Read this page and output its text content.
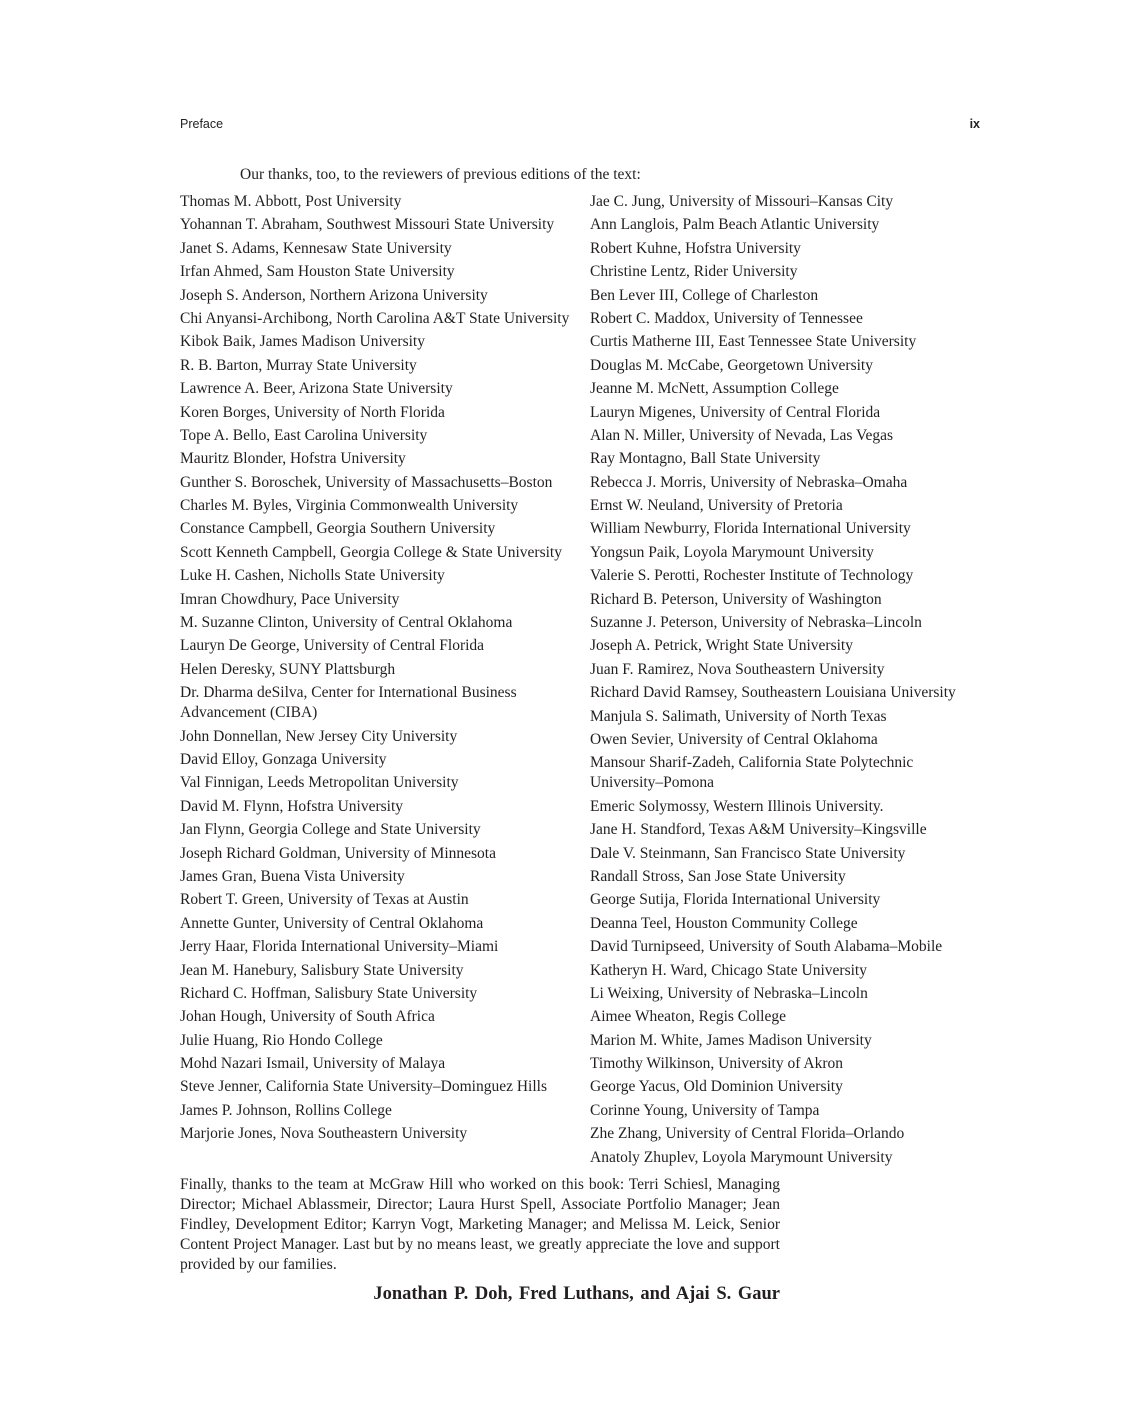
Preface	ix
Our thanks, too, to the reviewers of previous editions of the text:
Thomas M. Abbott, Post University
Yohannan T. Abraham, Southwest Missouri State University
Janet S. Adams, Kennesaw State University
Irfan Ahmed, Sam Houston State University
Joseph S. Anderson, Northern Arizona University
Chi Anyansi-Archibong, North Carolina A&T State University
Kibok Baik, James Madison University
R. B. Barton, Murray State University
Lawrence A. Beer, Arizona State University
Koren Borges, University of North Florida
Tope A. Bello, East Carolina University
Mauritz Blonder, Hofstra University
Gunther S. Boroschek, University of Massachusetts–Boston
Charles M. Byles, Virginia Commonwealth University
Constance Campbell, Georgia Southern University
Scott Kenneth Campbell, Georgia College & State University
Luke H. Cashen, Nicholls State University
Imran Chowdhury, Pace University
M. Suzanne Clinton, University of Central Oklahoma
Lauryn De George, University of Central Florida
Helen Deresky, SUNY Plattsburgh
Dr. Dharma deSilva, Center for International Business Advancement (CIBA)
John Donnellan, New Jersey City University
David Elloy, Gonzaga University
Val Finnigan, Leeds Metropolitan University
David M. Flynn, Hofstra University
Jan Flynn, Georgia College and State University
Joseph Richard Goldman, University of Minnesota
James Gran, Buena Vista University
Robert T. Green, University of Texas at Austin
Annette Gunter, University of Central Oklahoma
Jerry Haar, Florida International University–Miami
Jean M. Hanebury, Salisbury State University
Richard C. Hoffman, Salisbury State University
Johan Hough, University of South Africa
Julie Huang, Rio Hondo College
Mohd Nazari Ismail, University of Malaya
Steve Jenner, California State University–Dominguez Hills
James P. Johnson, Rollins College
Marjorie Jones, Nova Southeastern University
Jae C. Jung, University of Missouri–Kansas City
Ann Langlois, Palm Beach Atlantic University
Robert Kuhne, Hofstra University
Christine Lentz, Rider University
Ben Lever III, College of Charleston
Robert C. Maddox, University of Tennessee
Curtis Matherne III, East Tennessee State University
Douglas M. McCabe, Georgetown University
Jeanne M. McNett, Assumption College
Lauryn Migenes, University of Central Florida
Alan N. Miller, University of Nevada, Las Vegas
Ray Montagno, Ball State University
Rebecca J. Morris, University of Nebraska–Omaha
Ernst W. Neuland, University of Pretoria
William Newburry, Florida International University
Yongsun Paik, Loyola Marymount University
Valerie S. Perotti, Rochester Institute of Technology
Richard B. Peterson, University of Washington
Suzanne J. Peterson, University of Nebraska–Lincoln
Joseph A. Petrick, Wright State University
Juan F. Ramirez, Nova Southeastern University
Richard David Ramsey, Southeastern Louisiana University
Manjula S. Salimath, University of North Texas
Owen Sevier, University of Central Oklahoma
Mansour Sharif-Zadeh, California State Polytechnic University–Pomona
Emeric Solymossy, Western Illinois University.
Jane H. Standford, Texas A&M University–Kingsville
Dale V. Steinmann, San Francisco State University
Randall Stross, San Jose State University
George Sutija, Florida International University
Deanna Teel, Houston Community College
David Turnipseed, University of South Alabama–Mobile
Katheryn H. Ward, Chicago State University
Li Weixing, University of Nebraska–Lincoln
Aimee Wheaton, Regis College
Marion M. White, James Madison University
Timothy Wilkinson, University of Akron
George Yacus, Old Dominion University
Corinne Young, University of Tampa
Zhe Zhang, University of Central Florida–Orlando
Anatoly Zhuplev, Loyola Marymount University

Finally, thanks to the team at McGraw Hill who worked on this book: Terri Schiesl, Managing Director; Michael Ablassmeir, Director; Laura Hurst Spell, Associate Portfolio Manager; Jean Findley, Development Editor; Karryn Vogt, Marketing Manager; and Melissa M. Leick, Senior Content Project Manager. Last but by no means least, we greatly appreciate the love and support provided by our families.

Jonathan P. Doh, Fred Luthans, and Ajai S. Gaur
